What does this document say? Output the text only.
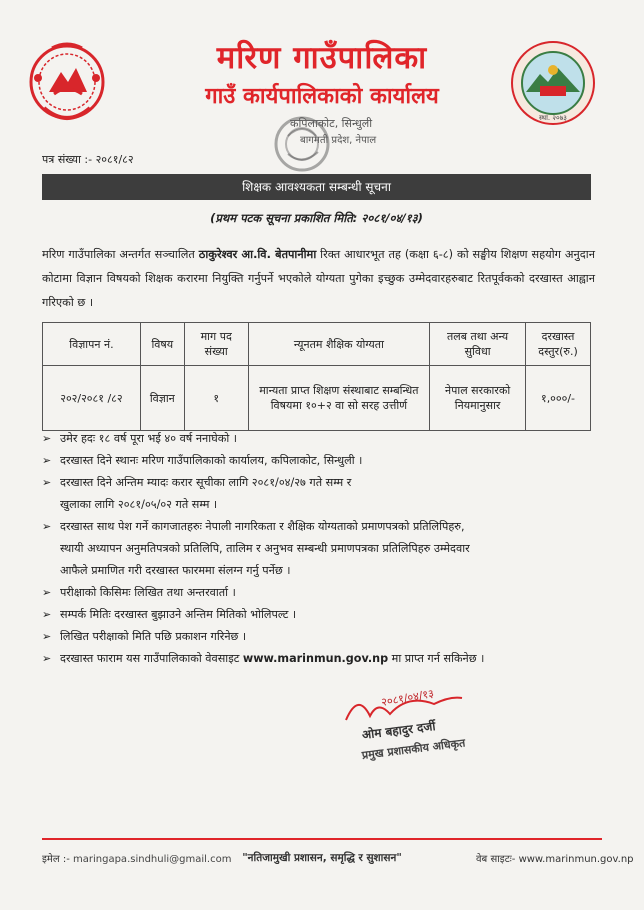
मरिण गाउँपालिका
गाउँ कार्यपालिकाको कार्यालय
स्था. २०७३
कपिलाकोट, सिन्धुली
बागमती प्रदेश, नेपाल
पत्र संख्या :- २०८१/८२
शिक्षक आवश्यकता सम्बन्धी सूचना
(प्रथम पटक सूचना प्रकाशित मिति: २०८१/०४/१३)
मरिण गाउँपालिका अन्तर्गत सञ्चालित ठाकुरेश्वर आ.वि. बेतपानीमा रिक्त आधारभूत तह (कक्षा ६-८) को सङ्घीय शिक्षण सहयोग अनुदान कोटामा विज्ञान विषयको शिक्षक करारमा नियुक्ति गर्नुपर्ने भएकोले योग्यता पुगेका इच्छुक उम्मेदवारहरुबाट रितपूर्वकको दरखास्त आह्वान गरिएको छ ।
विज्ञापन नं.	विषय	माग पद संख्या	न्यूनतम शैक्षिक योग्यता	तलब तथा अन्य सुविधा	दरखास्त दस्तुर(रु.)
२०२/२०८१ /८२	विज्ञान	१	मान्यता प्राप्त शिक्षण संस्थाबाट सम्बन्धित विषयमा १०+२ वा सो सरह उत्तीर्ण	नेपाल सरकारको नियमानुसार	१,०००/-
➢ उमेर हदः १८ वर्ष पूरा भई ४० वर्ष ननाघेको ।
➢ दरखास्त दिने स्थानः मरिण गाउँपालिकाको कार्यालय, कपिलाकोट, सिन्धुली ।
➢ दरखास्त दिने अन्तिम म्यादः करार सूचीका लागि २०८१/०४/२७ गते सम्म र
खुलाका लागि २०८१/०५/०२ गते सम्म ।
➢ दरखास्त साथ पेश गर्ने कागजातहरुः नेपाली नागरिकता र शैक्षिक योग्यताको प्रमाणपत्रको प्रतिलिपिहरु,
स्थायी अध्यापन अनुमतिपत्रको प्रतिलिपि, तालिम र अनुभव सम्बन्धी प्रमाणपत्रका प्रतिलिपिहरु उम्मेदवार
आफैले प्रमाणित गरी दरखास्त फारममा संलग्न गर्नु पर्नेछ ।
➢ परीक्षाको किसिमः लिखित तथा अन्तरवार्ता ।
➢ सम्पर्क मितिः दरखास्त बुझाउने अन्तिम मितिको भोलिपल्ट ।
➢ लिखित परीक्षाको मिति पछि प्रकाशन गरिनेछ ।
➢ दरखास्त फाराम यस गाउँपालिकाको वेवसाइट www.marinmun.gov.np मा प्राप्त गर्न सकिनेछ ।
२०८१/०४/१३
ओम बहादुर दर्जी
प्रमुख प्रशासकीय अधिकृत
इमेल :- maringapa.sindhuli@gmail.com	"नतिजामुखी प्रशासन, समृद्धि र सुशासन"	वेब साइटः- www.marinmun.gov.np
